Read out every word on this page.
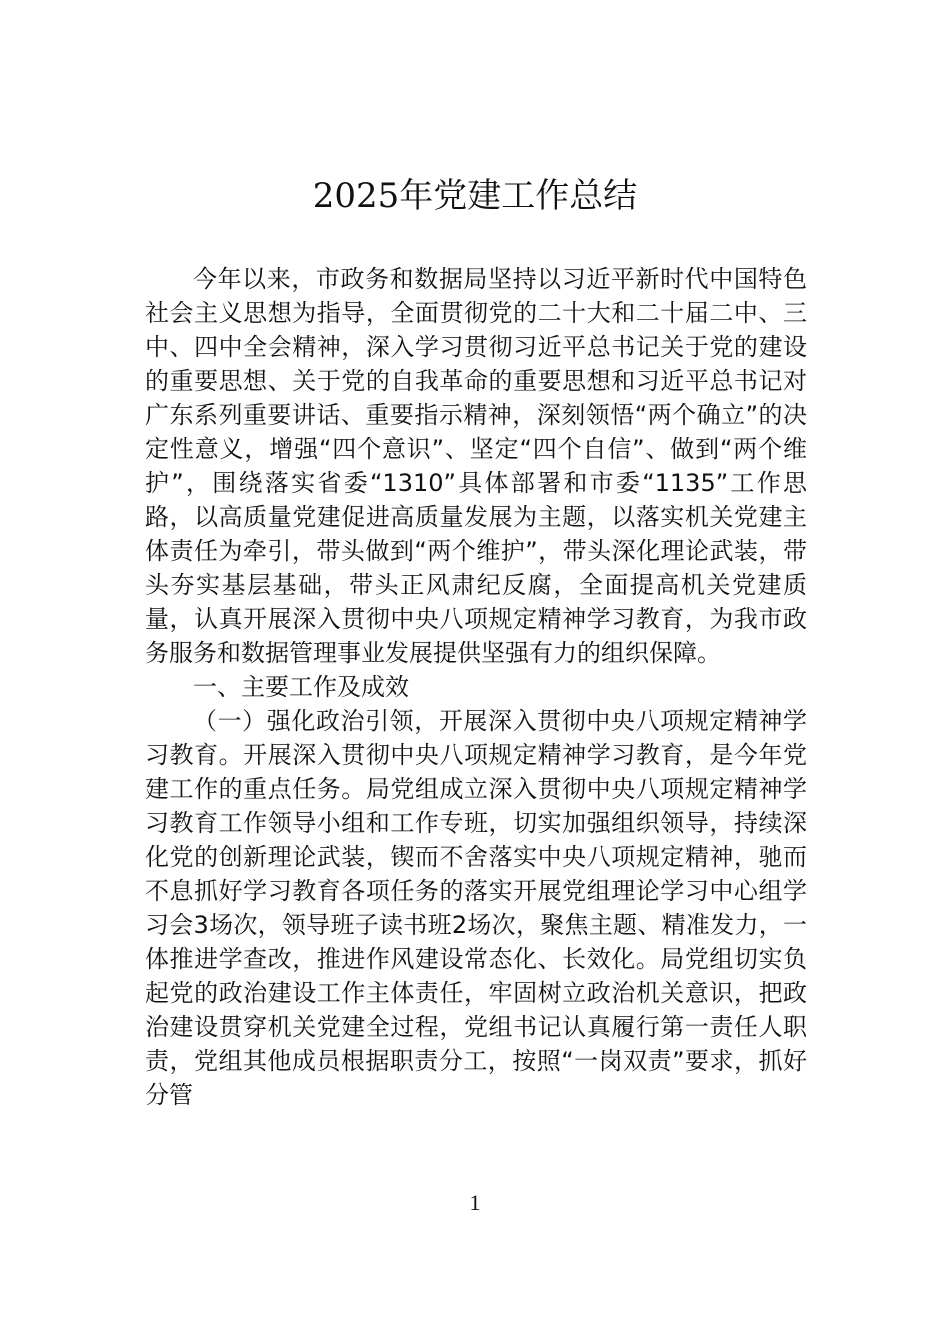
2025年党建工作总结

今年以来，市政务和数据局坚持以习近平新时代中国特色社会主义思想为指导，全面贯彻党的二十大和二十届二中、三中、四中全会精神，深入学习贯彻习近平总书记关于党的建设的重要思想、关于党的自我革命的重要思想和习近平总书记对广东系列重要讲话、重要指示精神，深刻领悟“两个确立”的决定性意义，增强“四个意识”、坚定“四个自信”、做到“两个维护”，围绕落实省委“1310”具体部署和市委“1135”工作思路，以高质量党建促进高质量发展为主题，以落实机关党建主体责任为牵引，带头做到“两个维护”，带头深化理论武装，带头夯实基层基础，带头正风肃纪反腐，全面提高机关党建质量，认真开展深入贯彻中央八项规定精神学习教育，为我市政务服务和数据管理事业发展提供坚强有力的组织保障。

一、主要工作及成效

（一）强化政治引领，开展深入贯彻中央八项规定精神学习教育。开展深入贯彻中央八项规定精神学习教育，是今年党建工作的重点任务。局党组成立深入贯彻中央八项规定精神学习教育工作领导小组和工作专班，切实加强组织领导，持续深化党的创新理论武装，锲而不舍落实中央八项规定精神，驰而不息抓好学习教育各项任务的落实开展党组理论学习中心组学习会3场次，领导班子读书班2场次，聚焦主题、精准发力，一体推进学查改，推进作风建设常态化、长效化。局党组切实负起党的政治建设工作主体责任，牢固树立政治机关意识，把政治建设贯穿机关党建全过程，党组书记认真履行第一责任人职责，党组其他成员根据职责分工，按照“一岗双责”要求，抓好分管

1
